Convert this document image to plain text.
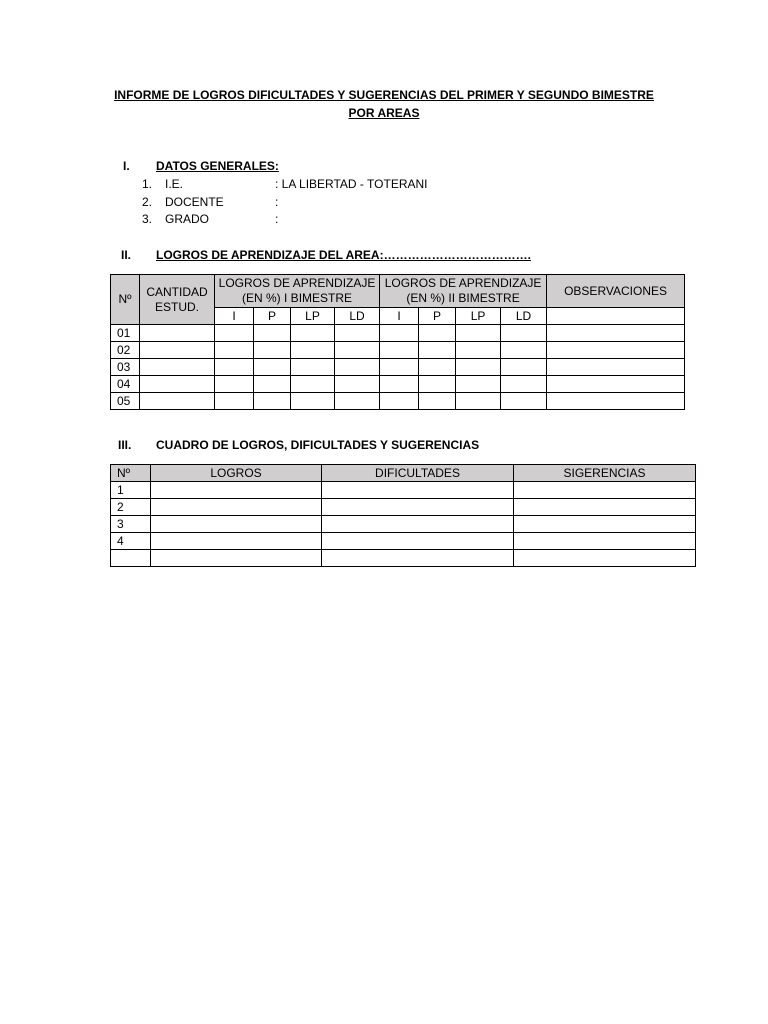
INFORME DE LOGROS DIFICULTADES Y SUGERENCIAS DEL PRIMER Y SEGUNDO BIMESTRE POR AREAS
I. DATOS GENERALES:
1. I.E.	: LA LIBERTAD - TOTERANI
2. DOCENTE	:
3. GRADO	:
II. LOGROS DE APRENDIZAJE DEL AREA:……………………………….
Nº	CANTIDAD ESTUD.	LOGROS DE APRENDIZAJE (EN %) I BIMESTRE				LOGROS DE APRENDIZAJE (EN %) II BIMESTRE				OBSERVACIONES
		I	P	LP	LD	I	P	LP	LD	
01										
02										
03										
04										
05										
III. CUADRO DE LOGROS, DIFICULTADES Y SUGERENCIAS
Nº	LOGROS	DIFICULTADES	SIGERENCIAS
1			
2			
3			
4			
